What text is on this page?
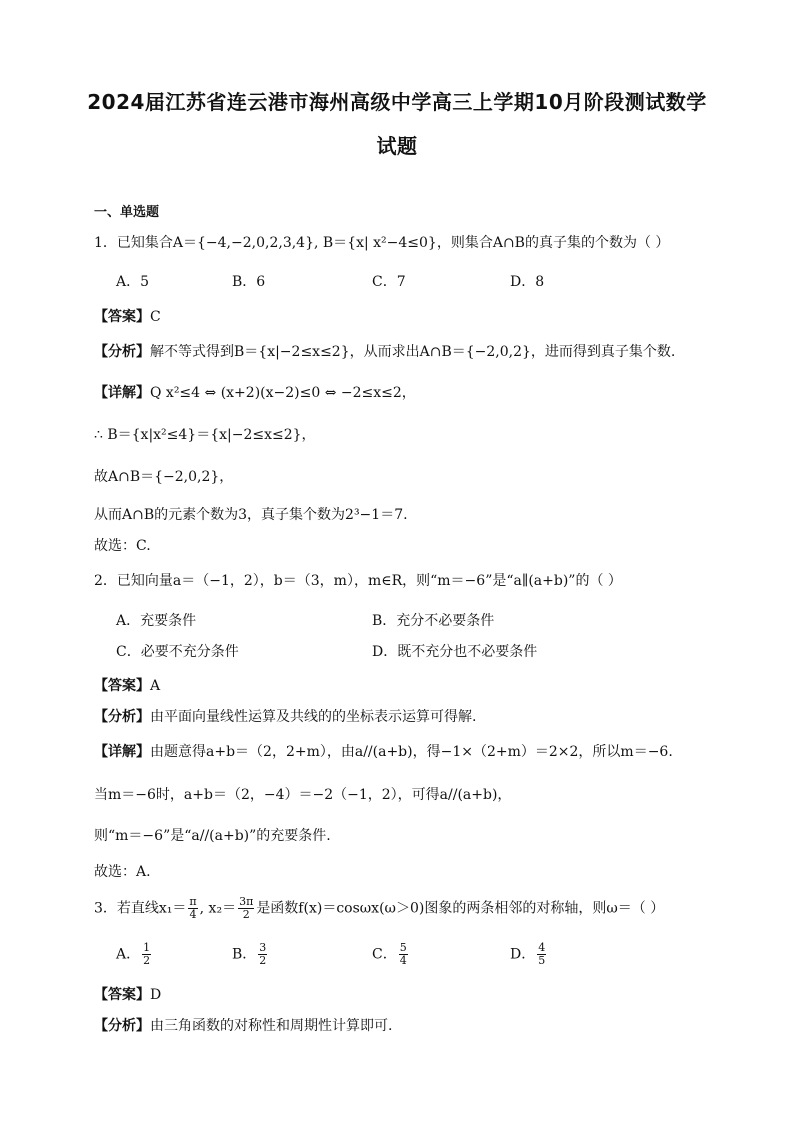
2024届江苏省连云港市海州高级中学高三上学期10月阶段测试数学
试题
一、单选题
1．已知集合A＝{−4,−2,0,2,3,4}, B＝{x| x²−4≤0}，则集合A∩B的真子集的个数为（ ）
A．5	B．6	C．7	D．8
【答案】C
【分析】解不等式得到B＝{x|−2≤x≤2}，从而求出A∩B＝{−2,0,2}，进而得到真子集个数.
【详解】Q x²≤4 ⇔ (x+2)(x−2)≤0 ⇔ −2≤x≤2，
∴ B＝{x|x²≤4}＝{x|−2≤x≤2}，
故A∩B＝{−2,0,2}，
从而A∩B的元素个数为3，真子集个数为2³−1＝7.
故选：C.
2．已知向量a＝（−1，2），b＝（3，m），m∈R，则“m＝−6”是“a∥(a+b)”的（ ）
A．充要条件	B．充分不必要条件
C．必要不充分条件	D．既不充分也不必要条件
【答案】A
【分析】由平面向量线性运算及共线的的坐标表示运算可得解.
【详解】由题意得a+b＝（2，2+m），由a//(a+b)，得−1×（2+m）＝2×2，所以m＝−6.
当m＝−6时，a+b＝（2，−4）＝−2（−1，2），可得a//(a+b)，
则“m＝−6”是“a//(a+b)”的充要条件.
故选：A.
3．若直线$x_1= \frac{\pi}{4}$ , $x_2= \frac{3\pi}{2}$ 是函数f(x)＝cosωx(ω＞0)图象的两条相邻的对称轴，则ω＝（ ）
A． $\frac{1}{2}$	B． $\frac{3}{2}$	C． $\frac{5}{4}$	D． $\frac{4}{5}$
【答案】D
【分析】由三角函数的对称性和周期性计算即可.
